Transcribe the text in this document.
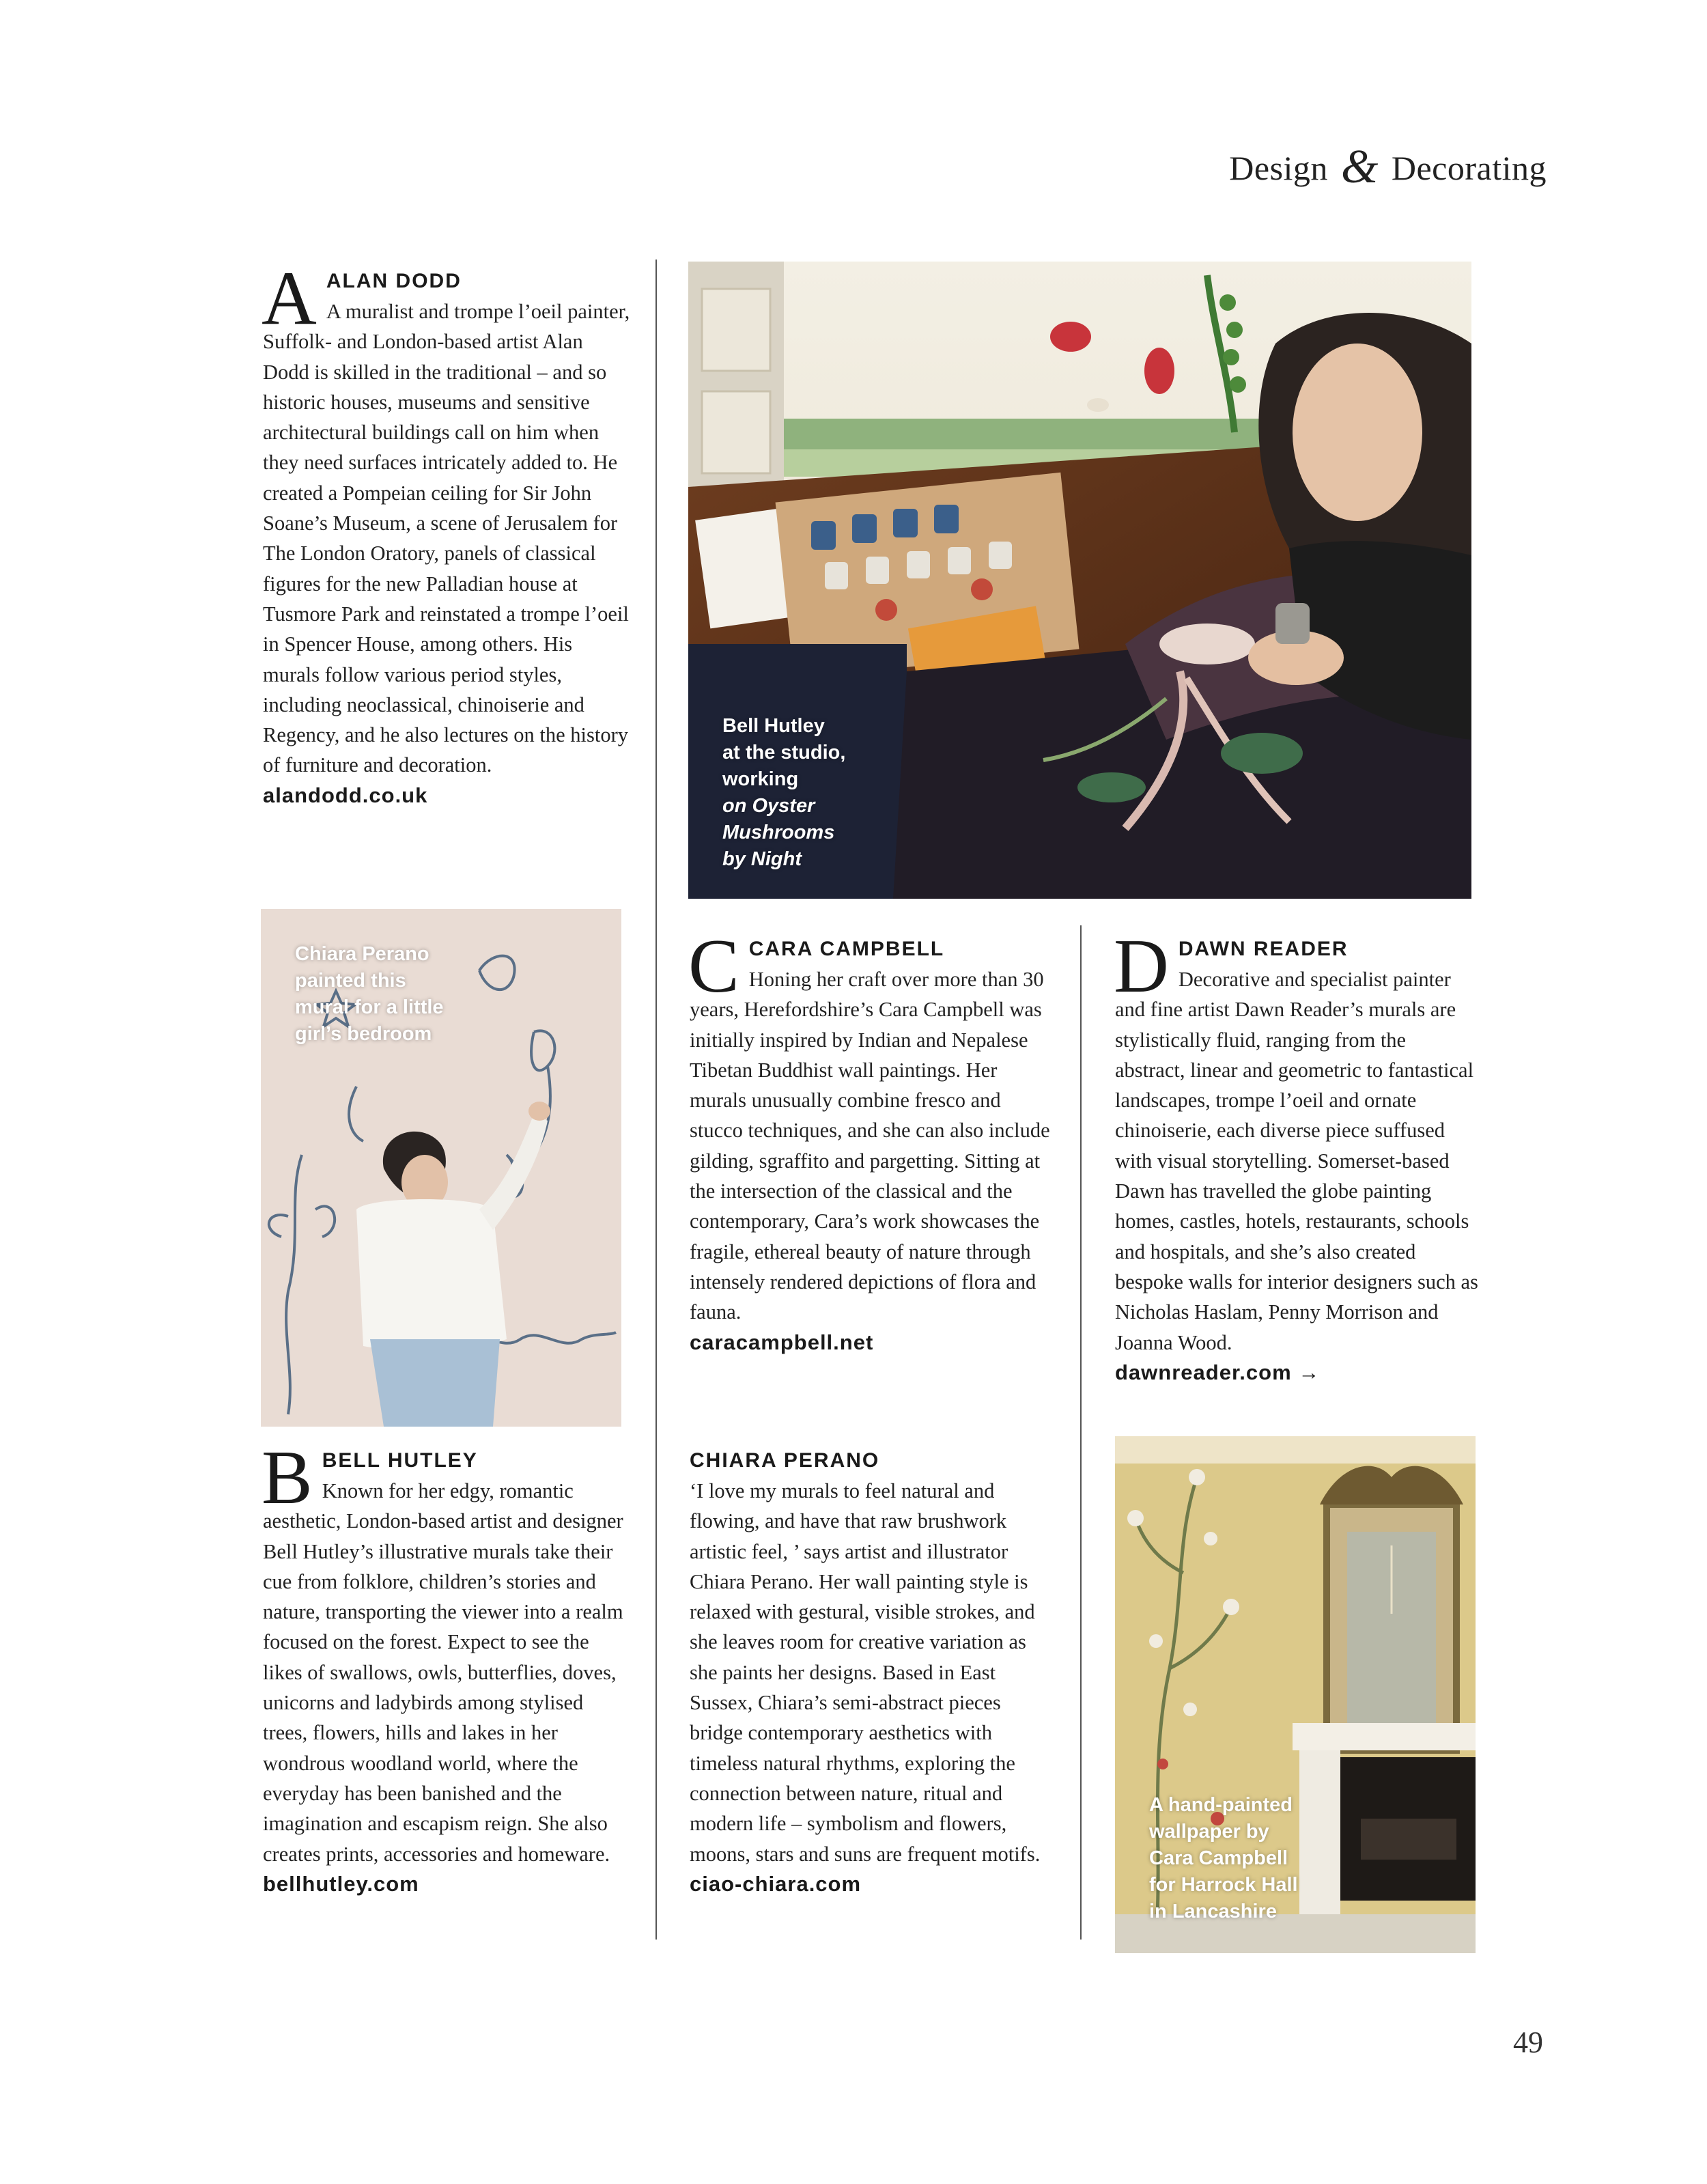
Design & Decorating
A ALAN DODD

A muralist and trompe l’oeil painter, Suffolk- and London-based artist Alan Dodd is skilled in the traditional – and so historic houses, museums and sensitive architectural buildings call on him when they need surfaces intricately added to. He created a Pompeian ceiling for Sir John Soane’s Museum, a scene of Jerusalem for The London Oratory, panels of classical figures for the new Palladian house at Tusmore Park and reinstated a trompe l’oeil in Spencer House, among others. His murals follow various period styles, including neoclassical, chinoiserie and Regency, and he also lectures on the history of furniture and decoration.

alandodd.co.uk
Bell Hutley
at the studio,
working
on Oyster
Mushrooms
by Night
Chiara Perano
painted this
mural for a little
girl’s bedroom
C CARA CAMPBELL

Honing her craft over more than 30 years, Herefordshire’s Cara Campbell was initially inspired by Indian and Nepalese Tibetan Buddhist wall paintings. Her murals unusually combine fresco and stucco techniques, and she can also include gilding, sgraffito and pargetting. Sitting at the intersection of the classical and the contemporary, Cara’s work showcases the fragile, ethereal beauty of nature through intensely rendered depictions of flora and fauna.

caracampbell.net
D DAWN READER

Decorative and specialist painter and fine artist Dawn Reader’s murals are stylistically fluid, ranging from the abstract, linear and geometric to fantastical landscapes, trompe l’oeil and ornate chinoiserie, each diverse piece suffused with visual storytelling. Somerset-based Dawn has travelled the globe painting homes, castles, hotels, restaurants, schools and hospitals, and she’s also created bespoke walls for interior designers such as Nicholas Haslam, Penny Morrison and Joanna Wood.

dawnreader.com →
B BELL HUTLEY

Known for her edgy, romantic aesthetic, London-based artist and designer Bell Hutley’s illustrative murals take their cue from folklore, children’s stories and nature, transporting the viewer into a realm focused on the forest. Expect to see the likes of swallows, owls, butterflies, doves, unicorns and ladybirds among stylised trees, flowers, hills and lakes in her wondrous woodland world, where the everyday has been banished and the imagination and escapism reign. She also creates prints, accessories and homeware.

bellhutley.com
CHIARA PERANO

‘I love my murals to feel natural and flowing, and have that raw brushwork artistic feel, ’ says artist and illustrator Chiara Perano. Her wall painting style is relaxed with gestural, visible strokes, and she leaves room for creative variation as she paints her designs. Based in East Sussex, Chiara’s semi-abstract pieces bridge contemporary aesthetics with timeless natural rhythms, exploring the connection between nature, ritual and modern life – symbolism and flowers, moons, stars and suns are frequent motifs.

ciao-chiara.com
A hand-painted
wallpaper by
Cara Campbell
for Harrock Hall
in Lancashire
49
